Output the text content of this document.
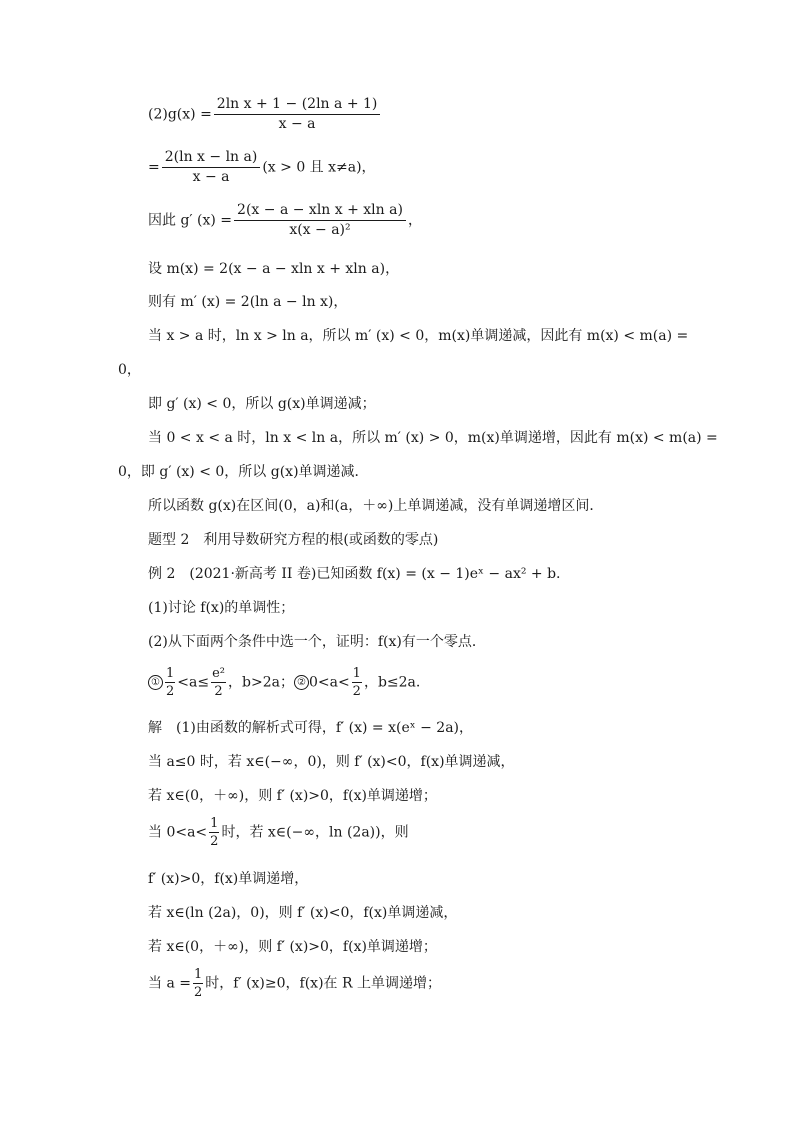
$(2)g(x) = \frac{\text{2ln x + 1 − (2ln a + 1)}}{x - a}$
= $\frac{\text{2(ln x − ln a)}}{x - a} (x > 0$ 且 x≠a)，
因此 g′ $(x) = \frac{\text{2(x − a − xln x + xln a)}}{\text{x(x − a)²}}$ ，
设 m(x) = 2(x − a − xln x + xln a)，
则有 m′ (x) = 2(ln a − ln x)，
当 x > a 时，ln x > ln a，所以 m′ (x) < 0，m(x)单调递减，因此有 m(x) < m(a) =
0，
即 g′ (x) < 0，所以 g(x)单调递减；
当 0 < x < a 时，ln x < ln a，所以 m′ (x) > 0，m(x)单调递增，因此有 m(x) < m(a) =
0，即 g′ (x) < 0，所以 g(x)单调递减．
所以函数 g(x)在区间(0，a)和(a，＋∞)上单调递减，没有单调递增区间．
题型 2　利用导数研究方程的根(或函数的零点)
例 2　(2021·新高考 II 卷)已知函数 f(x) = (x − 1)eˣ − ax² + b.
(1)讨论 f(x)的单调性；
(2)从下面两个条件中选一个，证明：f(x)有一个零点．
① $\frac{1}{2} <a\le \frac{\text{e²}}{2}$ ，b>2a； ② $0<a< \frac{1}{2}$ ，b≤2a.
解　(1)由函数的解析式可得，f′ (x) = x(eˣ − 2a)，
当 a≤0 时，若 x∈(−∞，0)，则 f′ (x)<0，f(x)单调递减，
若 x∈(0，＋∞)，则 f′ (x)>0，f(x)单调递增；
当 $0<a< \frac{1}{2}$ 时，若 x∈(−∞，ln (2a))，则
f′ (x)>0，f(x)单调递增，
若 x∈(ln (2a)，0)，则 f′ (x)<0，f(x)单调递减，
若 x∈(0，＋∞)，则 f′ (x)>0，f(x)单调递增；
当 $a = \frac{1}{2}$ 时，f′ (x)≥0，f(x)在 R 上单调递增；
